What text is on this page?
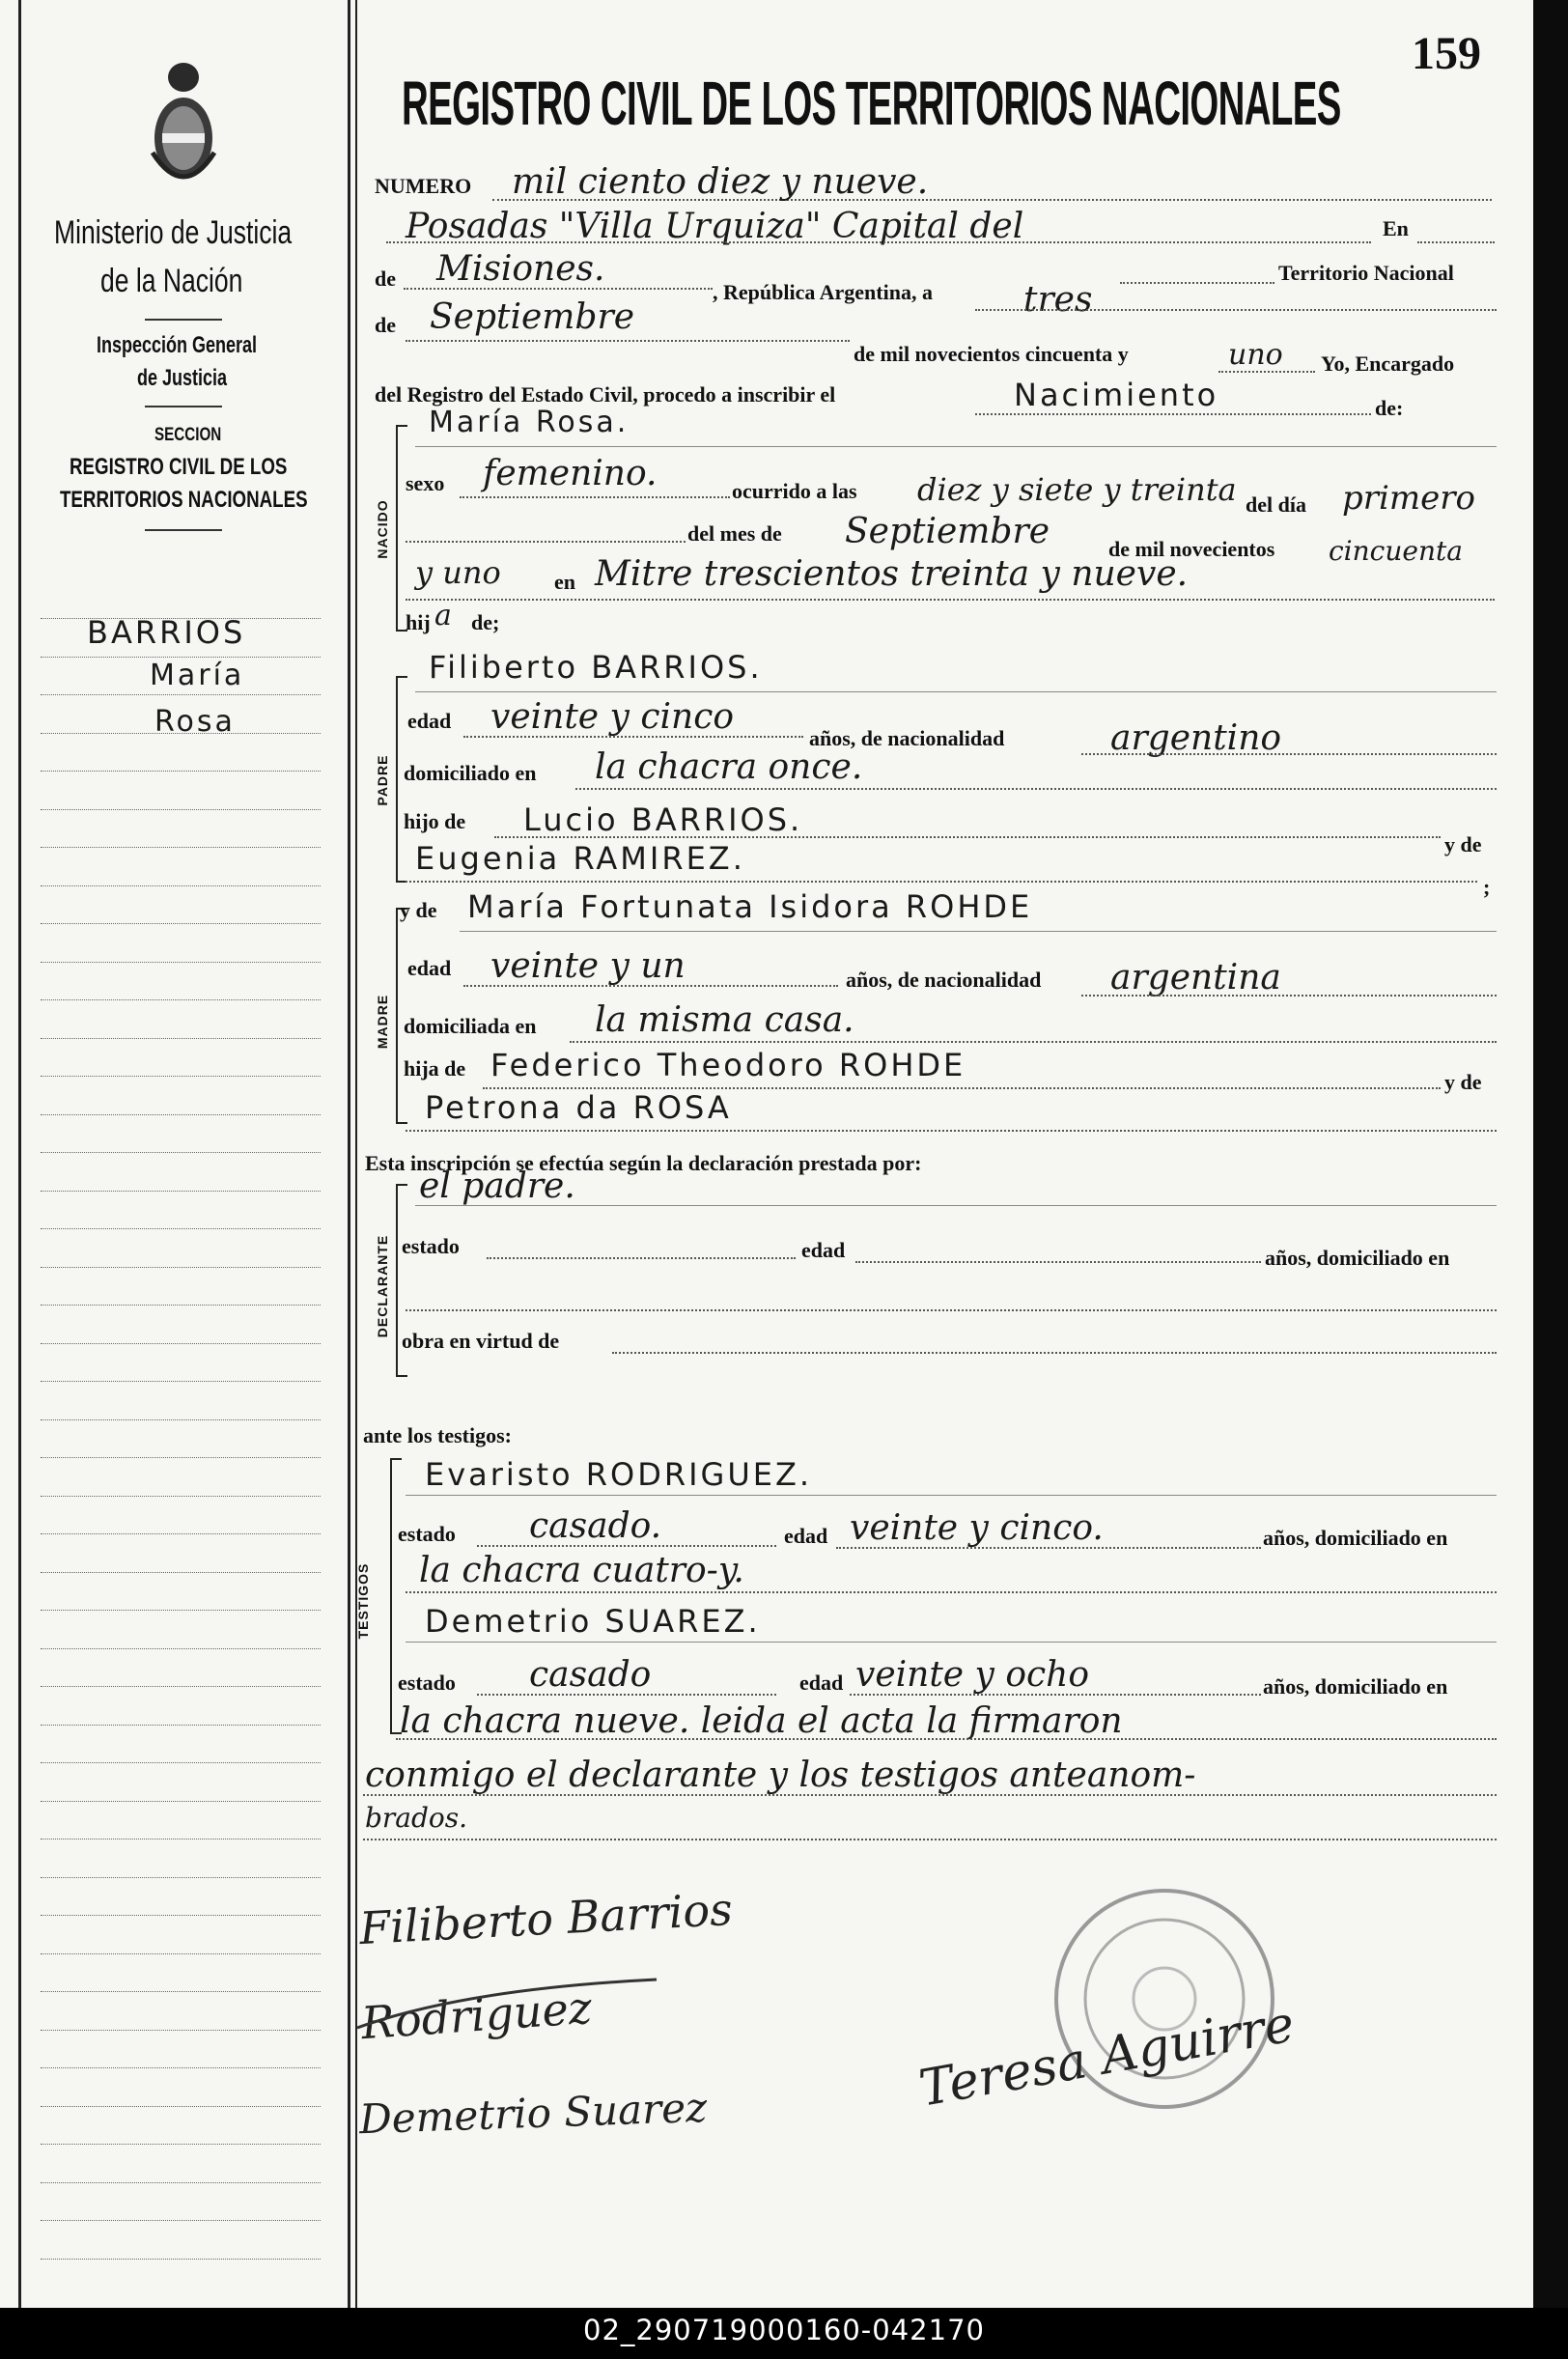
159
Ministerio de Justicia
de la Nación
Inspección General
de Justicia
SECCION
REGISTRO CIVIL DE LOS
TERRITORIOS NACIONALES
BARRIOS
María
Rosa
REGISTRO CIVIL DE LOS TERRITORIOS NACIONALES
NUMERO mil ciento diez y nueve.
Posadas "Villa Urquiza" Capital del	En
de Misiones.
, República Argentina, a	tres
Territorio Nacional
de Septiembre
de mil novecientos cincuenta y	uno Yo, Encargado
del Registro del Estado Civil, procedo a inscribir el	Nacimiento	de:
NACIDO
María Rosa.
sexo femenino.	ocurrido a las diez y siete y treinta del día primero
del mes de Septiembre	de mil novecientos cincuenta
y uno	en Mitre trescientos treinta y nueve.
hij a de;
PADRE
Filiberto BARRIOS.
edad veinte y cinco
años, de nacionalidad	argentino
domiciliado en la chacra once.
hijo de Lucio BARRIOS.
y de
Eugenia RAMIREZ.
;
MADRE
y de María Fortunata Isidora ROHDE
edad veinte y un	años, de nacionalidad argentina
domiciliada en la misma casa.
hija de Federico Theodoro ROHDE	y de
Petrona da ROSA
Esta inscripción se efectúa según la declaración prestada por:
DECLARANTE
el padre.
estado	edad	años, domiciliado en
obra en virtud de
ante los testigos:
TESTIGOS
Evaristo RODRIGUEZ.
estado casado.	edad veinte y cinco.	años, domiciliado en
la chacra cuatro-y.
Demetrio SUAREZ.
estado casado	edad veinte y ocho	años, domiciliado en
la chacra nueve. leida el acta la firmaron
conmigo el declarante y los testigos anteanom-
brados.
Filiberto Barrios
Rodriguez
Demetrio Suarez	Teresa Aguirre
02_290719000160-042170
